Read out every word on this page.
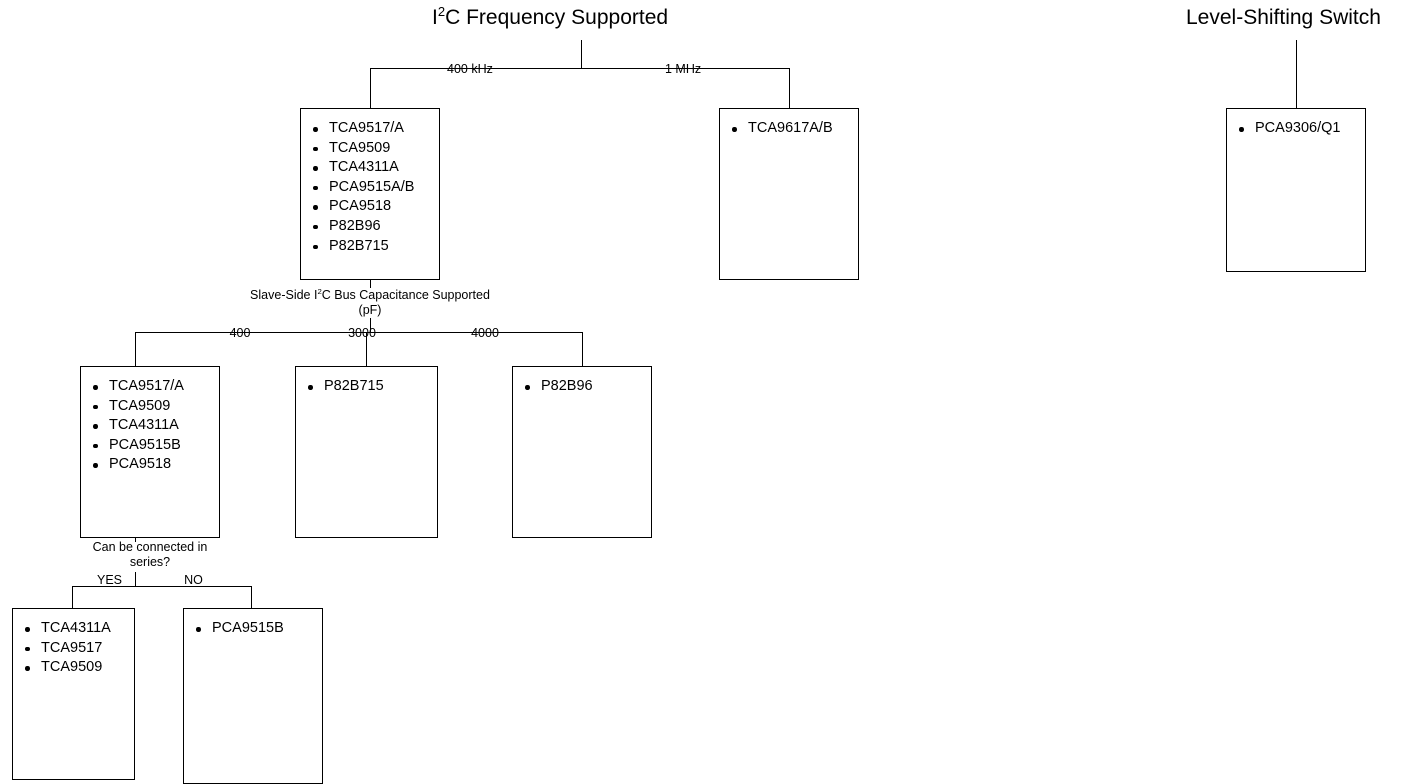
$I^2C$ Frequency Supported	Level-Shifting Switch
400 kHz	1 MHz
TCA9517/A
TCA9509
TCA4311A
PCA9515A/B
PCA9518
P82B96
P82B715
TCA9617A/B	PCA9306/Q1
Slave-Side $I^2C$ Bus Capacitance Supported
(pF)
400	3000	4000
TCA9517/A
TCA9509
TCA4311A
PCA9515B
PCA9518
P82B715	P82B96
Can be connected in
series?
YES	NO
TCA4311A
TCA9517
TCA9509
PCA9515B
